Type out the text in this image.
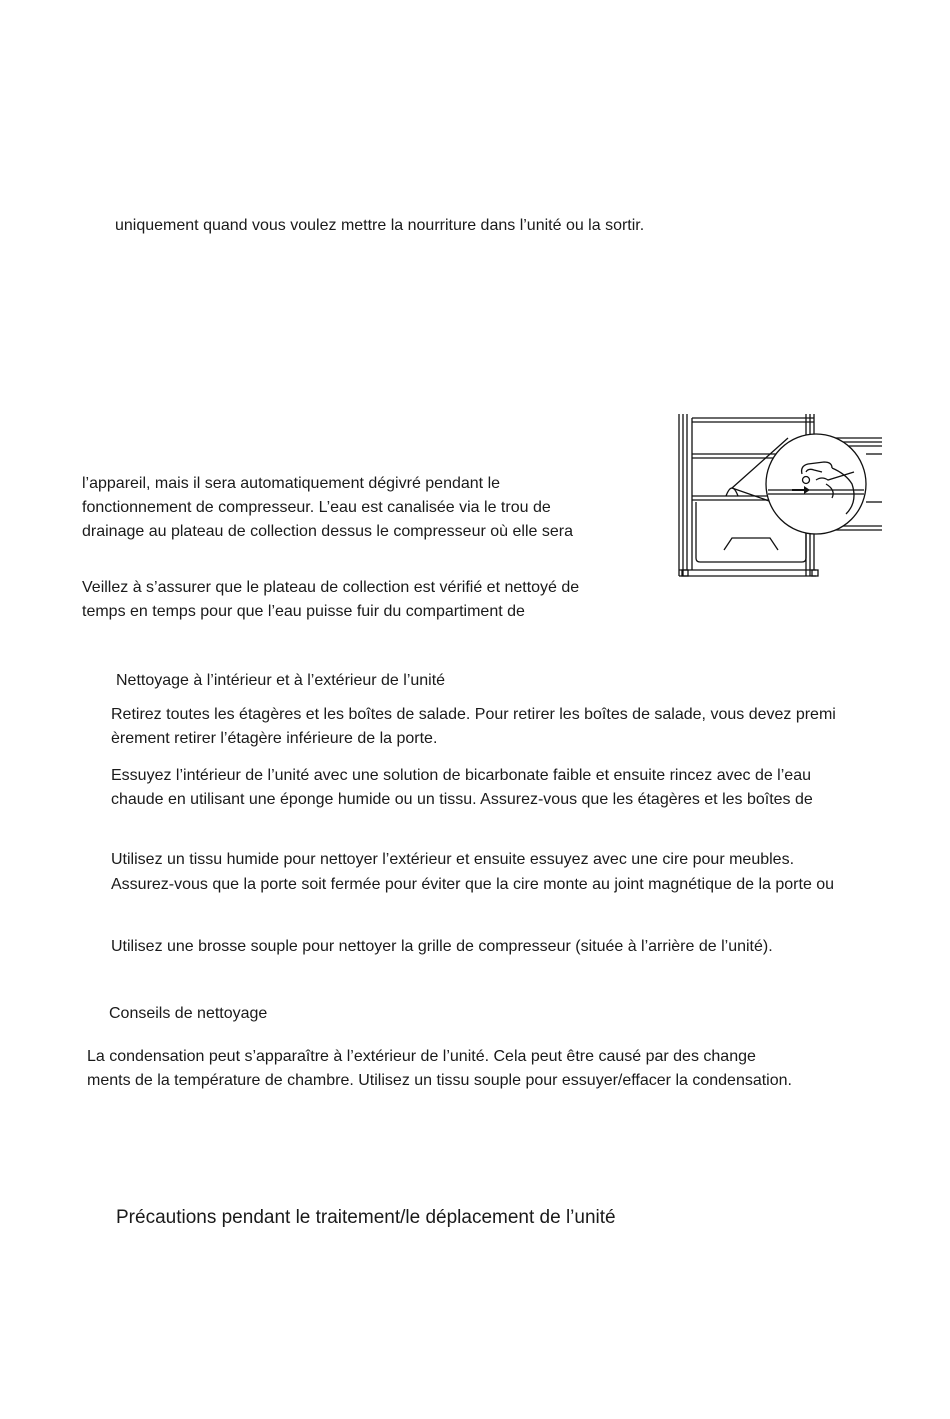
uniquement quand vous voulez mettre la nourriture dans l’unité ou la sortir.

l’appareil, mais il sera automatiquement dégivré pendant le

fonctionnement de compresseur. L’eau est canalisée via le trou de

drainage au plateau de collection dessus le compresseur où elle sera

Veillez à s’assurer que le plateau de collection est vérifié et nettoyé de

temps en temps pour que l’eau puisse fuir du compartiment de

Nettoyage à l’intérieur et à l’extérieur de l’unité

Retirez toutes les étagères et les boîtes de salade. Pour retirer les boîtes de salade, vous devez premi

èrement retirer l’étagère inférieure de la porte.

Essuyez l’intérieur de l’unité avec une solution de bicarbonate faible et ensuite rincez avec de l’eau

chaude en utilisant une éponge humide ou un tissu. Assurez-vous que les étagères et les boîtes de

Utilisez un tissu humide pour nettoyer l’extérieur et ensuite essuyez avec une cire pour meubles.

Assurez-vous que la porte soit fermée pour éviter que la cire monte au joint magnétique de la porte ou

Utilisez une brosse souple pour nettoyer la grille de compresseur (située à l’arrière de l’unité).

Conseils de nettoyage

La condensation peut s’apparaître à l’extérieur de l’unité. Cela peut être causé par des change

ments de la température de chambre. Utilisez un tissu souple pour essuyer/effacer la condensation.

Précautions pendant le traitement/le déplacement de l’unité
